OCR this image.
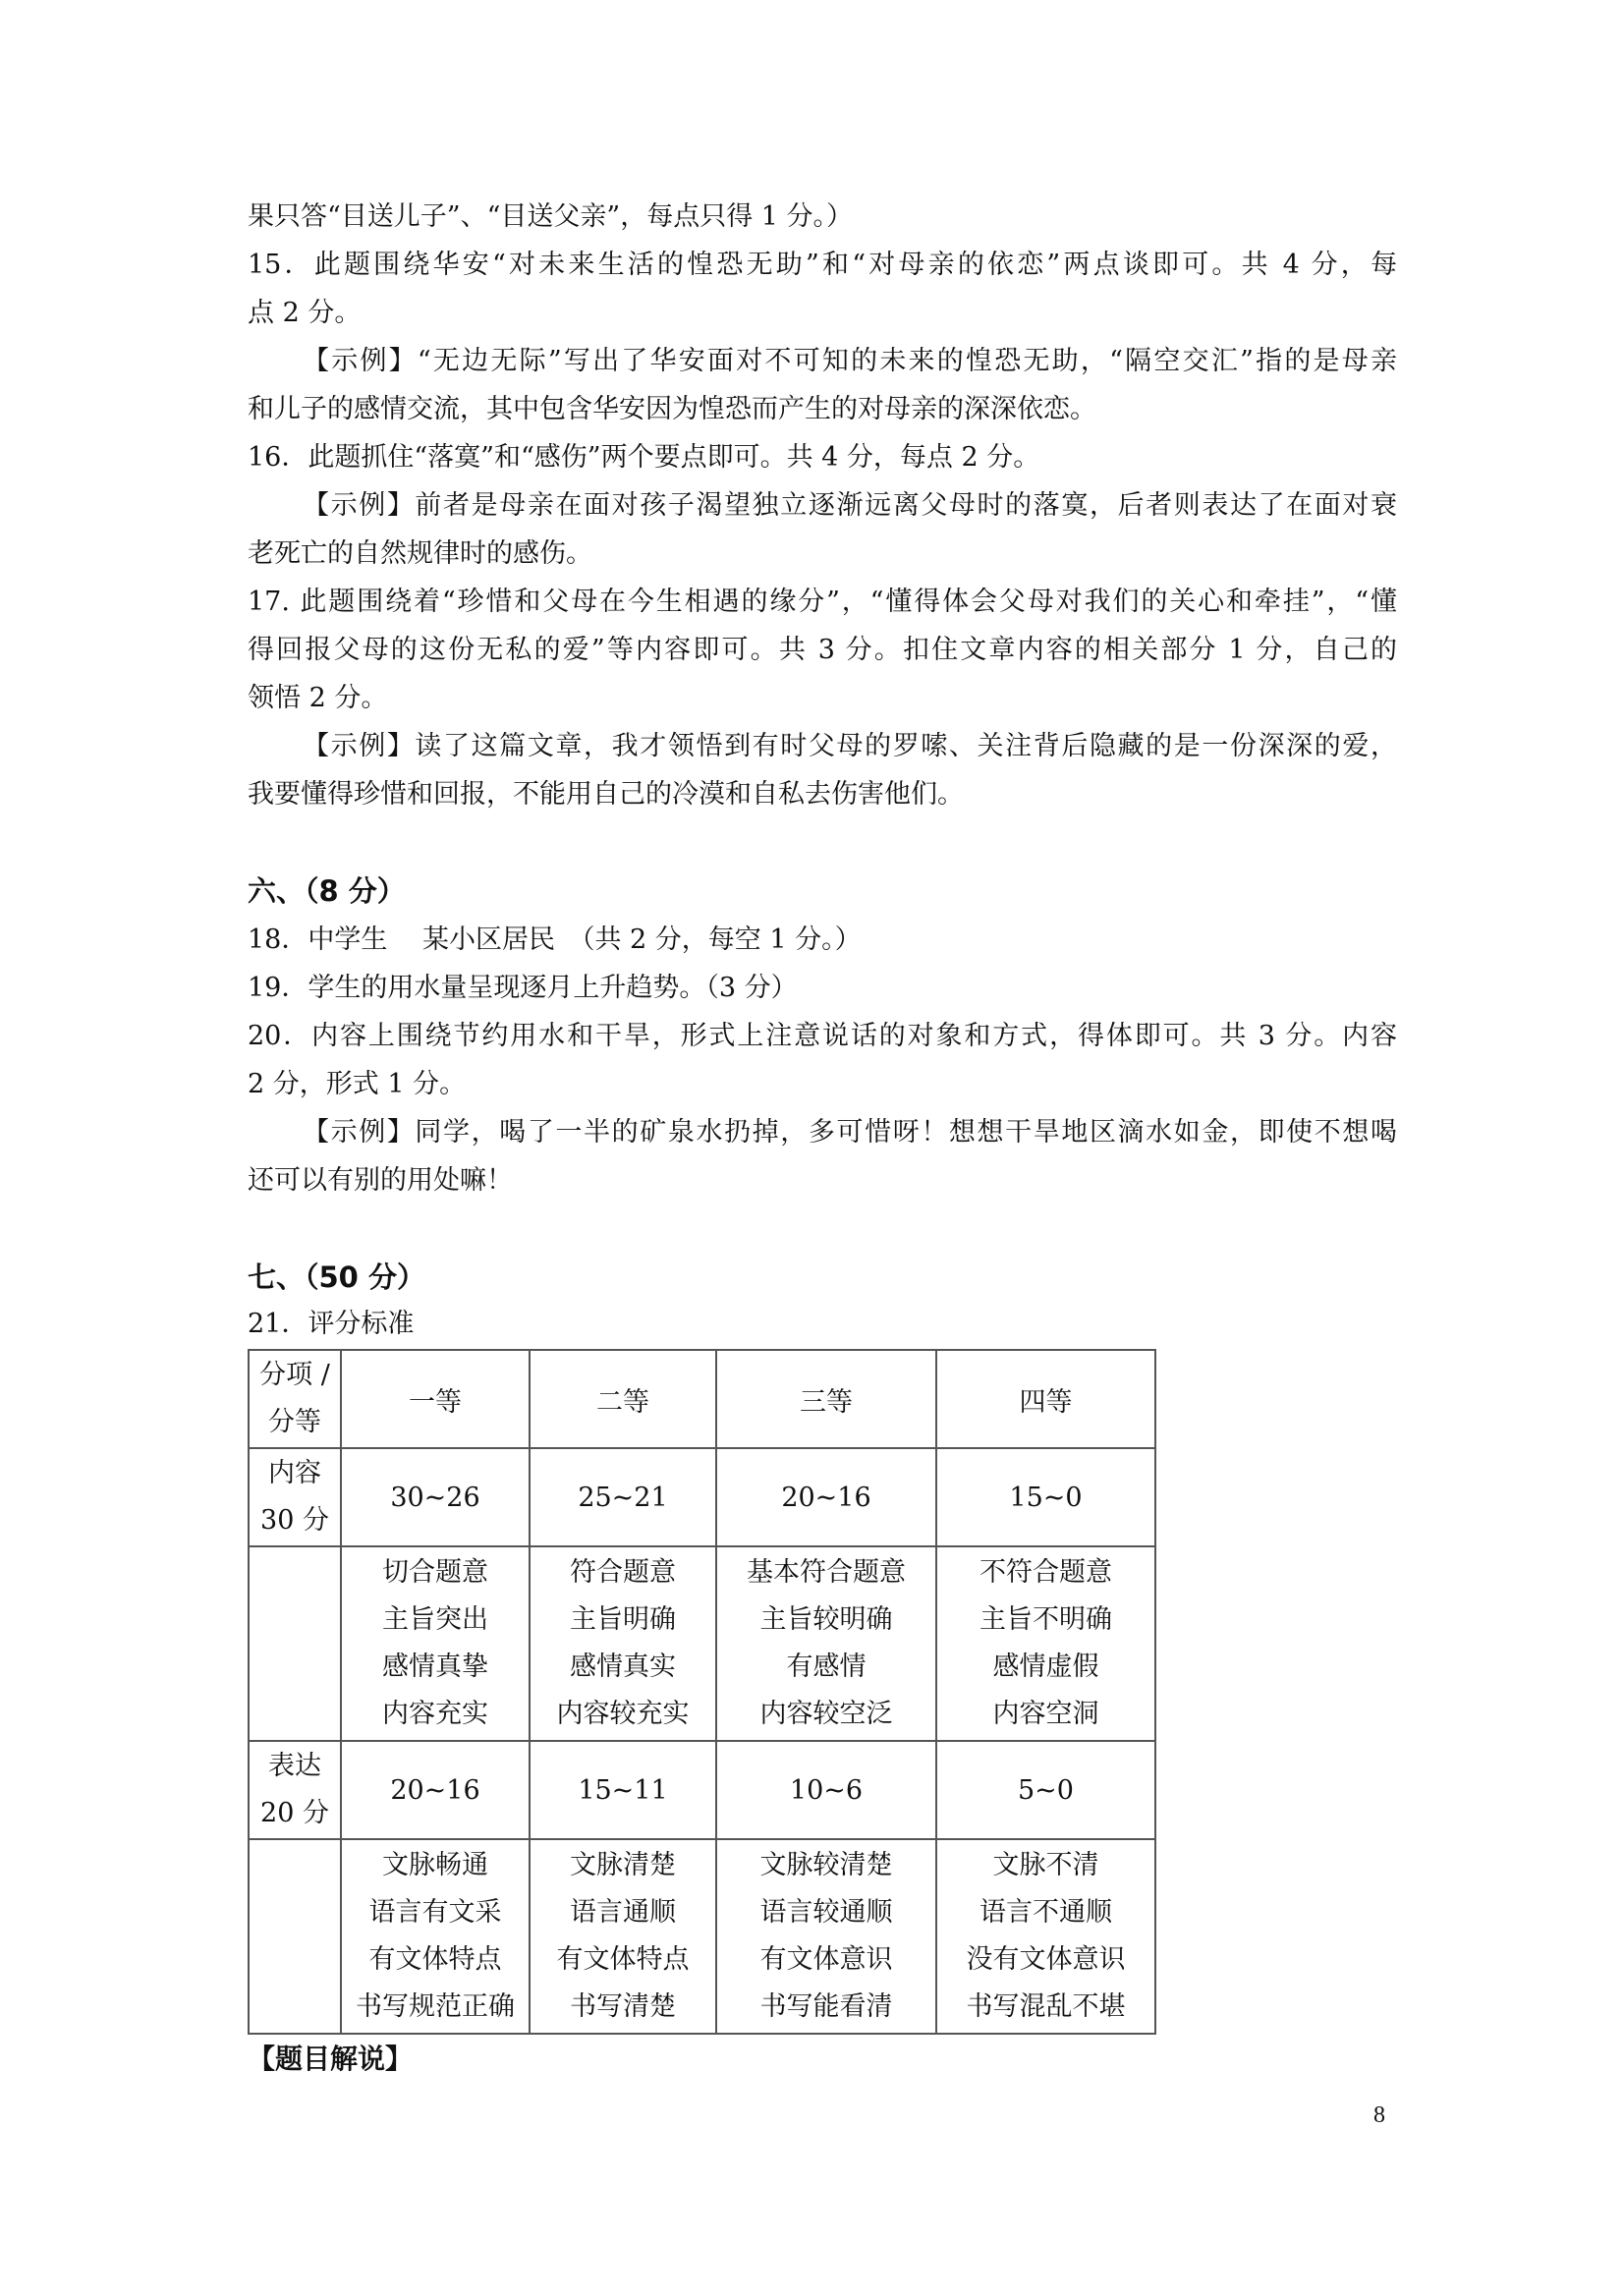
果只答“目送儿子”、“目送父亲”，每点只得 1 分。）

15．此题围绕华安“对未来生活的惶恐无助”和“对母亲的依恋”两点谈即可。共 4 分，每

点 2 分。

【示例】“无边无际”写出了华安面对不可知的未来的惶恐无助，“隔空交汇”指的是母亲

和儿子的感情交流，其中包含华安因为惶恐而产生的对母亲的深深依恋。

16．此题抓住“落寞”和“感伤”两个要点即可。共 4 分，每点 2 分。

【示例】前者是母亲在面对孩子渴望独立逐渐远离父母时的落寞，后者则表达了在面对衰

老死亡的自然规律时的感伤。

17. 此题围绕着“珍惜和父母在今生相遇的缘分”，“懂得体会父母对我们的关心和牵挂”，“懂

得回报父母的这份无私的爱”等内容即可。共 3 分。扣住文章内容的相关部分 1 分，自己的

领悟 2 分。

【示例】读了这篇文章，我才领悟到有时父母的罗嗦、关注背后隐藏的是一份深深的爱，

我要懂得珍惜和回报，不能用自己的冷漠和自私去伤害他们。

六、（8 分）

18．中学生　 某小区居民　（共 2 分，每空 1 分。）

19．学生的用水量呈现逐月上升趋势。（3 分）

20．内容上围绕节约用水和干旱，形式上注意说话的对象和方式，得体即可。共 3 分。内容

2 分，形式 1 分。

【示例】同学，喝了一半的矿泉水扔掉，多可惜呀！想想干旱地区滴水如金，即使不想喝

还可以有别的用处嘛！

七、（50 分）

21．评分标准

分项 /
分等	一等	二等	三等	四等

内容
30 分	30~26	25~21	20~16	15~0

	切合题意
主旨突出
感情真挚
内容充实	符合题意
主旨明确
感情真实
内容较充实	基本符合题意
主旨较明确
有感情
内容较空泛	不符合题意
主旨不明确
感情虚假
内容空洞

表达
20 分	20~16	15~11	10~6	5~0

	文脉畅通
语言有文采
有文体特点
书写规范正确	文脉清楚
语言通顺
有文体特点
书写清楚	文脉较清楚
语言较通顺
有文体意识
书写能看清	文脉不清
语言不通顺
没有文体意识
书写混乱不堪

【题目解说】

8
